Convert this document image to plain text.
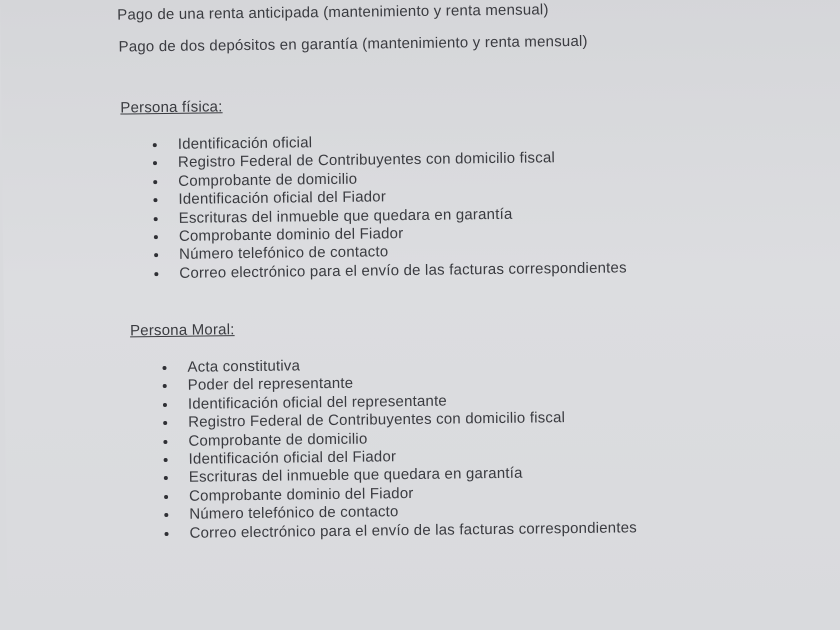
Pago de una renta anticipada (mantenimiento y renta mensual)
Pago de dos depósitos en garantía (mantenimiento y renta mensual)
Persona física:
Identificación oficial
Registro Federal de Contribuyentes con domicilio fiscal
Comprobante de domicilio
Identificación oficial del Fiador
Escrituras del inmueble que quedara en garantía
Comprobante dominio del Fiador
Número telefónico de contacto
Correo electrónico para el envío de las facturas correspondientes
Persona Moral:
Acta constitutiva
Poder del representante
Identificación oficial del representante
Registro Federal de Contribuyentes con domicilio fiscal
Comprobante de domicilio
Identificación oficial del Fiador
Escrituras del inmueble que quedara en garantía
Comprobante dominio del Fiador
Número telefónico de contacto
Correo electrónico para el envío de las facturas correspondientes
